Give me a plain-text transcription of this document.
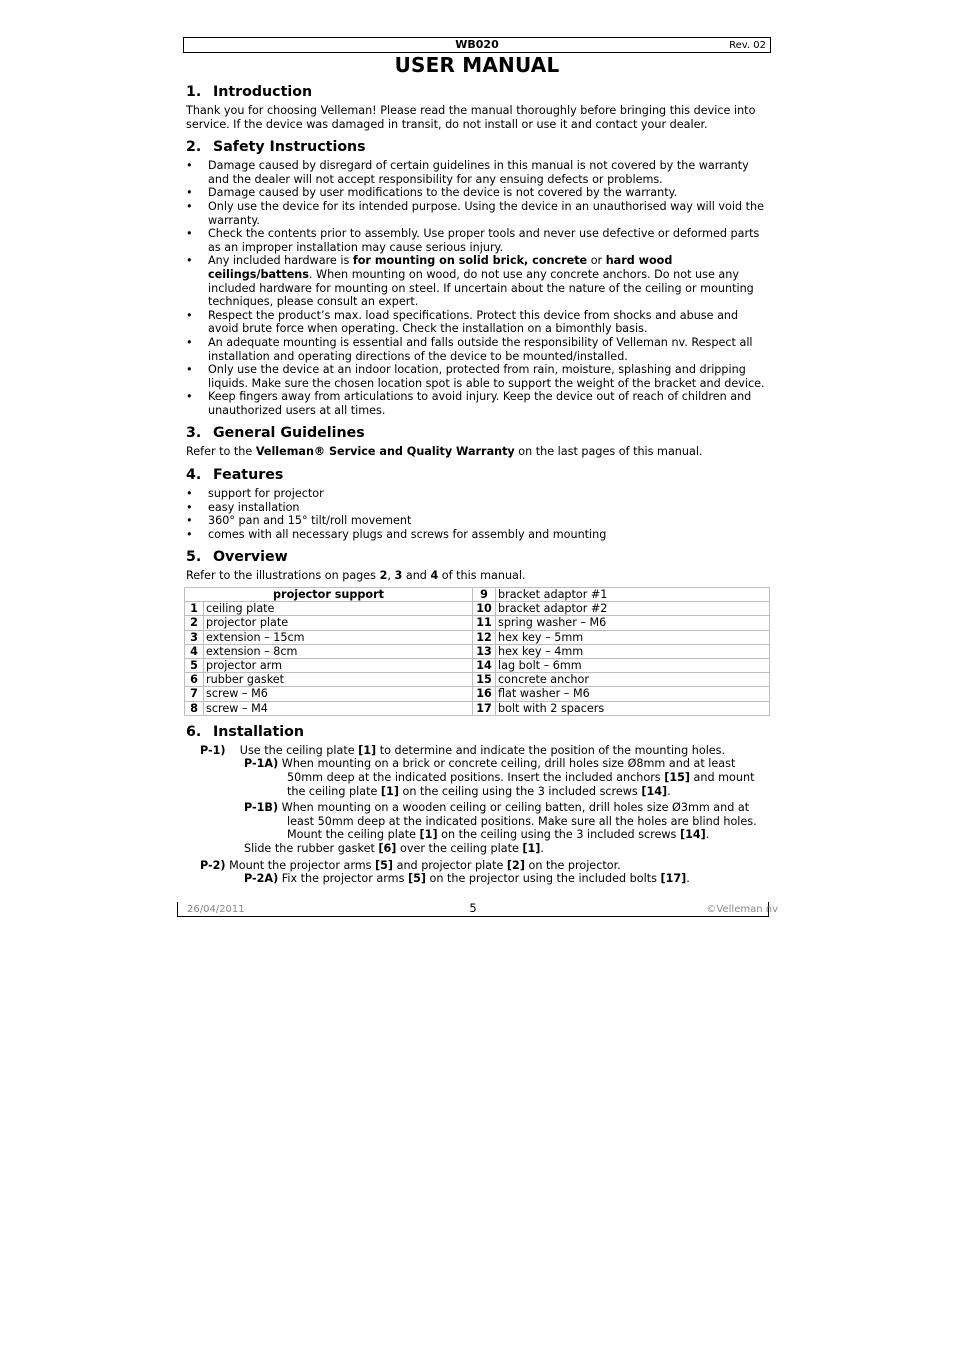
WB020	Rev. 02
USER MANUAL
1. Introduction

Thank you for choosing Velleman! Please read the manual thoroughly before bringing this device into service. If the device was damaged in transit, do not install or use it and contact your dealer.

2. Safety Instructions
• Damage caused by disregard of certain guidelines in this manual is not covered by the warranty and the dealer will not accept responsibility for any ensuing defects or problems.
• Damage caused by user modifications to the device is not covered by the warranty.
• Only use the device for its intended purpose. Using the device in an unauthorised way will void the warranty.
• Check the contents prior to assembly. Use proper tools and never use defective or deformed parts as an improper installation may cause serious injury.
• Any included hardware is for mounting on solid brick, concrete or hard wood ceilings/battens. When mounting on wood, do not use any concrete anchors. Do not use any included hardware for mounting on steel. If uncertain about the nature of the ceiling or mounting techniques, please consult an expert.
• Respect the product’s max. load specifications. Protect this device from shocks and abuse and avoid brute force when operating. Check the installation on a bimonthly basis.
• An adequate mounting is essential and falls outside the responsibility of Velleman nv. Respect all installation and operating directions of the device to be mounted/installed.
• Only use the device at an indoor location, protected from rain, moisture, splashing and dripping liquids. Make sure the chosen location spot is able to support the weight of the bracket and device.
• Keep fingers away from articulations to avoid injury. Keep the device out of reach of children and unauthorized users at all times.
3. General Guidelines

Refer to the Velleman® Service and Quality Warranty on the last pages of this manual.

4. Features
• support for projector
• easy installation
• 360° pan and 15° tilt/roll movement
• comes with all necessary plugs and screws for assembly and mounting
5. Overview

Refer to the illustrations on pages 2, 3 and 4 of this manual.

projector support		9	bracket adaptor #1
1	ceiling plate	10	bracket adaptor #2
2	projector plate	11	spring washer – M6
3	extension – 15cm	12	hex key – 5mm
4	extension – 8cm	13	hex key – 4mm
5	projector arm	14	lag bolt – 6mm
6	rubber gasket	15	concrete anchor
7	screw – M6	16	flat washer – M6
8	screw – M4	17	bolt with 2 spacers
6. Installation
P-1) Use the ceiling plate [1] to determine and indicate the position of the mounting holes.
P-1A) When mounting on a brick or concrete ceiling, drill holes size Ø8mm and at least 50mm deep at the indicated positions. Insert the included anchors [15] and mount the ceiling plate [1] on the ceiling using the 3 included screws [14].
P-1B) When mounting on a wooden ceiling or ceiling batten, drill holes size Ø3mm and at least 50mm deep at the indicated positions. Make sure all the holes are blind holes. Mount the ceiling plate [1] on the ceiling using the 3 included screws [14].
Slide the rubber gasket [6] over the ceiling plate [1].
P-2) Mount the projector arms [5] and projector plate [2] on the projector.
P-2A) Fix the projector arms [5] on the projector using the included bolts [17].
26/04/2011	5	©Velleman nv
